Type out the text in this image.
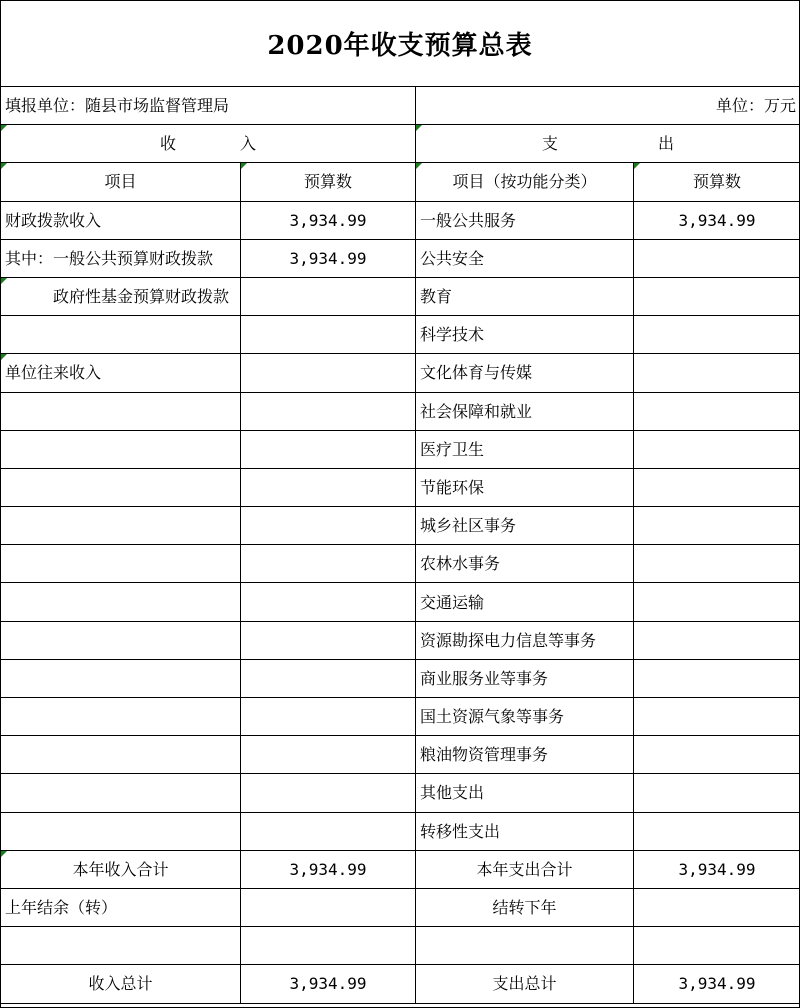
2020年收支预算总表
填报单位：随县市场监督管理局		单位：万元	
收 入		支 出	
项目	预算数	项目（按功能分类）	预算数
财政拨款收入	3,934.99	一般公共服务	3,934.99
其中：一般公共预算财政拨款	3,934.99	公共安全	
政府性基金预算财政拨款		教育	
		科学技术	
单位往来收入		文化体育与传媒	
		社会保障和就业	
		医疗卫生	
		节能环保	
		城乡社区事务	
		农林水事务	
		交通运输	
		资源勘探电力信息等事务	
		商业服务业等事务	
		国土资源气象等事务	
		粮油物资管理事务	
		其他支出	
		转移性支出	
本年收入合计	3,934.99	本年支出合计	3,934.99
上年结余（转）		结转下年	

收入总计	3,934.99	支出总计	3,934.99
